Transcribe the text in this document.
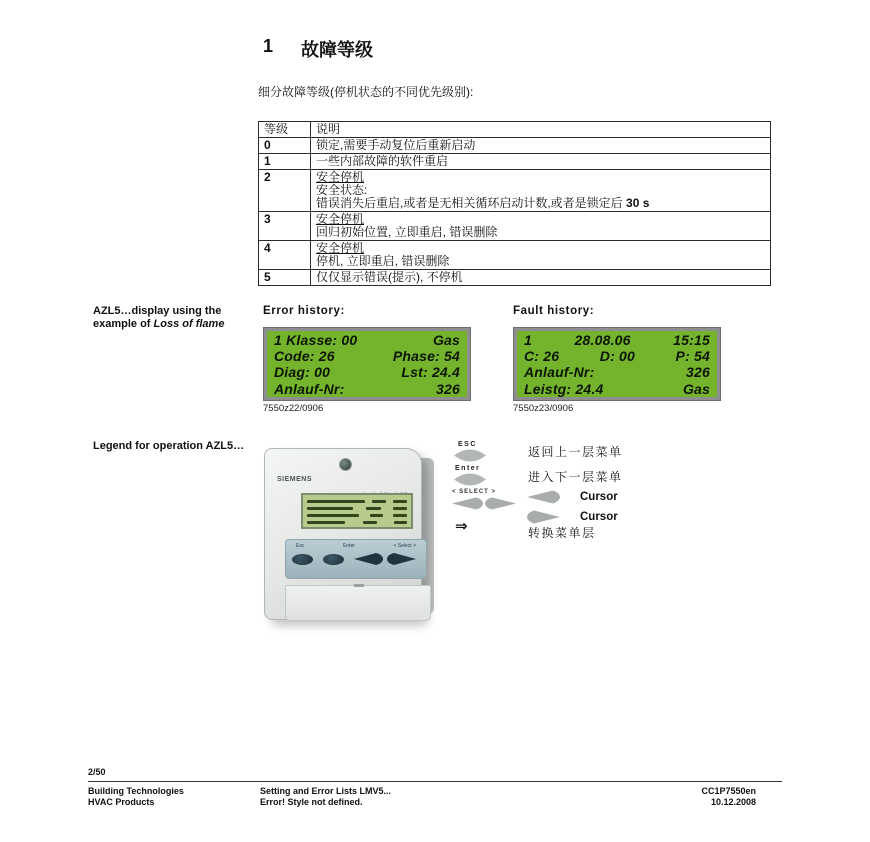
1 故障等级
细分故障等级(停机状态的不同优先级别):
等级	说明
0	锁定,需要手动复位后重新启动

1	一些内部故障的软件重启

2	安全停机
安全状态:
错误消失后重启,或者是无相关循环启动计数,或者是锁定后 30 s

3	安全停机
回归初始位置, 立即重启, 错误删除

4	安全停机
停机, 立即重启, 错误删除

5	仅仅显示错误(提示), 不停机
AZL5…display using the example of Loss of flame
Error history:
1 Klasse: 00	Gas
Code: 26	Phase: 54
Diag: 00	Lst: 24.4
Anlauf-Nr:	326
7550z22/0906
Fault history:
1	28.08.06	15:15
C: 26	D: 00	P: 54
Anlauf-Nr:	326
Leistg: 24.4	Gas
7550z23/0906
Legend for operation AZL5…
SIEMENS
Esc	Enter	< Select >
ESC
返回上一层菜单
Enter
进入下一层菜单
< SELECT >	Cursor
Cursor
⇒	转换菜单层
2/50
Building Technologies
HVAC Products
Setting and Error Lists LMV5...
Error! Style not defined.
CC1P7550en
10.12.2008
